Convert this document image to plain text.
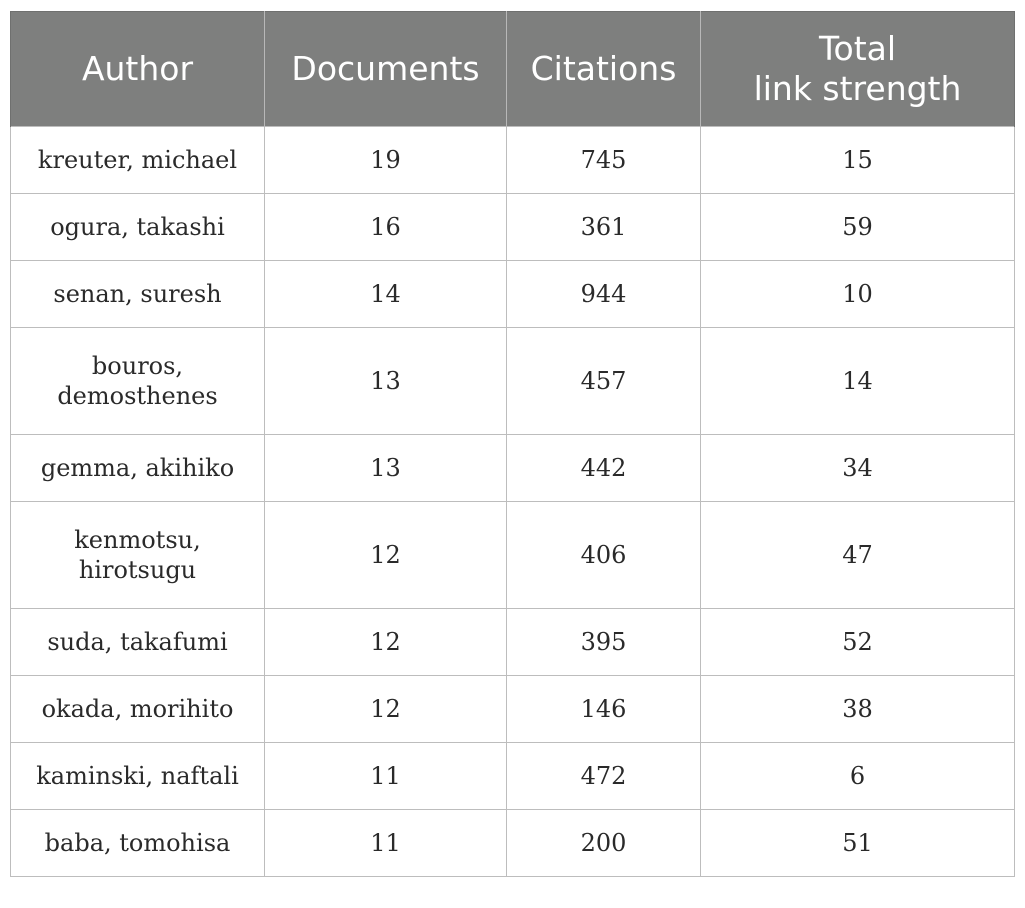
Author	Documents	Citations	Total
link strength

kreuter, michael	19	745	15
ogura, takashi	16	361	59
senan, suresh	14	944	10
bouros, demosthenes	13	457	14
gemma, akihiko	13	442	34
kenmotsu, hirotsugu	12	406	47
suda, takafumi	12	395	52
okada, morihito	12	146	38
kaminski, naftali	11	472	6
baba, tomohisa	11	200	51
